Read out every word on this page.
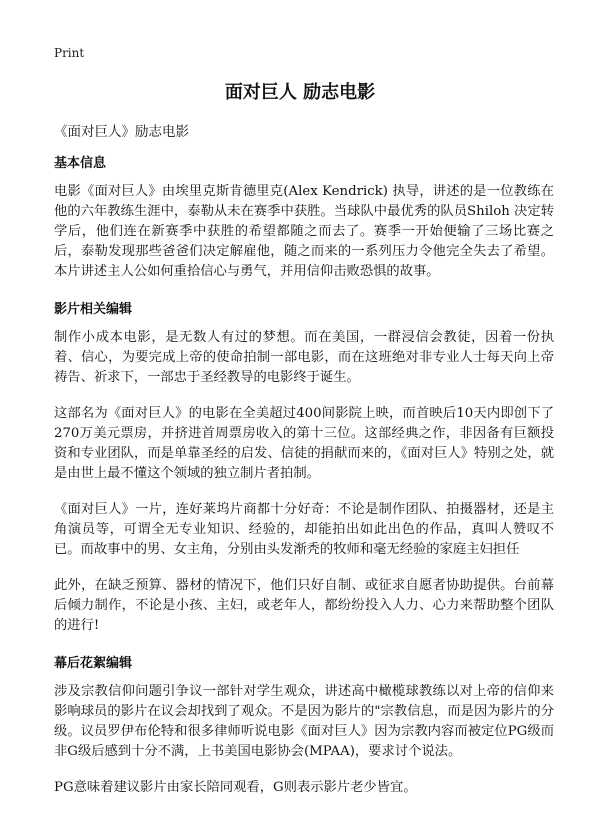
Print
面对巨人 励志电影
《面对巨人》励志电影
基本信息

电影《面对巨人》由埃里克斯肯德里克(Alex Kendrick) 执导，讲述的是一位教练在他的六年教练生涯中，泰勒从未在赛季中获胜。当球队中最优秀的队员Shiloh 决定转学后，他们连在新赛季中获胜的希望都随之而去了。赛季一开始便输了三场比赛之后，泰勒发现那些爸爸们决定解雇他，随之而来的一系列压力令他完全失去了希望。本片讲述主人公如何重拾信心与勇气，并用信仰击败恐惧的故事。

影片相关编辑

制作小成本电影，是无数人有过的梦想。而在美国，一群浸信会教徒，因着一份执着、信心，为要完成上帝的使命拍制一部电影，而在这班绝对非专业人士每天向上帝祷告、祈求下，一部忠于圣经教导的电影终于诞生。

这部名为《面对巨人》的电影在全美超过400间影院上映，而首映后10天内即创下了270万美元票房，并挤进首周票房收入的第十三位。这部经典之作，非因备有巨额投资和专业团队，而是单靠圣经的启发、信徒的捐献而来的，《面对巨人》特别之处，就是由世上最不懂这个领域的独立制片者拍制。

《面对巨人》一片，连好莱坞片商都十分好奇：不论是制作团队、拍摄器材，还是主角演员等，可谓全无专业知识、经验的，却能拍出如此出色的作品，真叫人赞叹不已。而故事中的男、女主角，分别由头发渐秃的牧师和毫无经验的家庭主妇担任

此外，在缺乏预算、器材的情况下，他们只好自制、或征求自愿者协助提供。台前幕后倾力制作，不论是小孩、主妇，或老年人，都纷纷投入人力、心力来帮助整个团队的进行!

幕后花絮编辑

涉及宗教信仰问题引争议一部针对学生观众，讲述高中橄榄球教练以对上帝的信仰来影响球员的影片在议会却找到了观众。不是因为影片的"宗教信息，而是因为影片的分级。议员罗伊布伦特和很多律师听说电影《面对巨人》因为宗教内容而被定位PG级而非G级后感到十分不满，上书美国电影协会(MPAA)，要求讨个说法。

PG意味着建议影片由家长陪同观看，G则表示影片老少皆宜。
